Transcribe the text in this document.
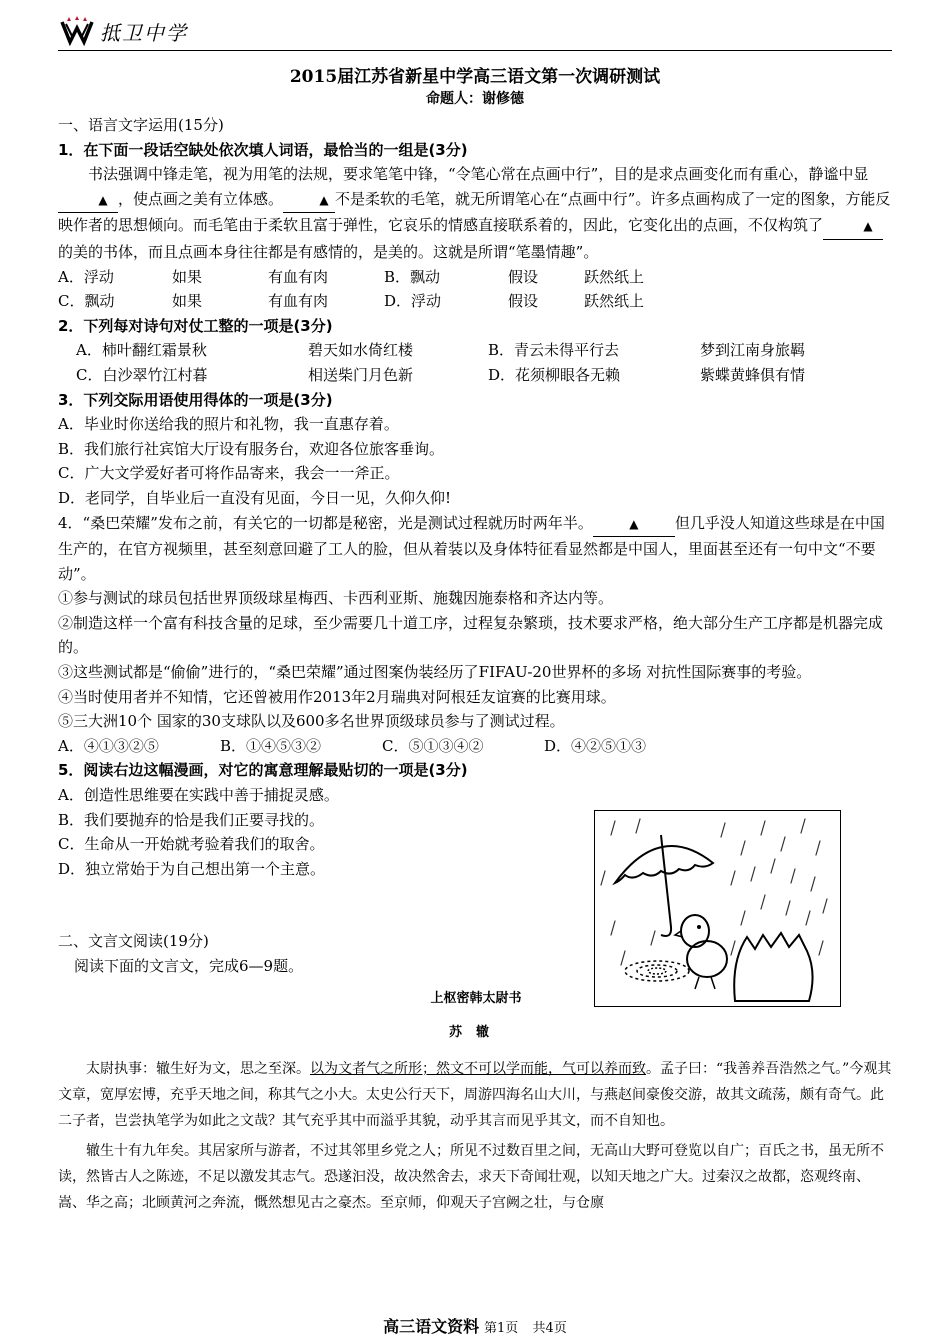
抵卫中学
2015届江苏省新星中学高三语文第一次调研测试
命题人：谢修德

一、语言文字运用(15分)

1．在下面一段话空缺处依次填人词语，最恰当的一组是(3分)

书法强调中锋走笔，视为用笔的法规，要求笔笔中锋，“令笔心常在点画中行”，目的是求点画变化而有重心，静谧中显▲ ，使点画之美有立体感。	▲ 不是柔软的毛笔，就无所谓笔心在“点画中行”。许多点画构成了一定的图象，方能反映作者的思想倾向。而毛笔由于柔软且富于弹性，它哀乐的情感直接联系着的，因此，它变化出的点画，不仅构筑了	▲的美的书体，而且点画本身往往都是有感情的，是美的。这就是所谓“笔墨情趣”。

A．浮动	如果	有血有肉	B．飘动	假设	跃然纸上

C．飘动	如果	有血有肉	D．浮动	假设	跃然纸上

2．下列每对诗句对仗工整的一项是(3分)

A．柿叶翻红霜景秋	碧天如水倚红楼	B．青云未得平行去	梦到江南身旅羁

C．白沙翠竹江村暮	相送柴门月色新	D．花须柳眼各无赖	紫蝶黄蜂俱有情

3．下列交际用语使用得体的一项是(3分)

A．毕业时你送给我的照片和礼物，我一直惠存着。

B．我们旅行社宾馆大厅设有服务台，欢迎各位旅客垂询。

C．广大文学爱好者可将作品寄来，我会一一斧正。

D．老同学，自毕业后一直没有见面，今日一见，久仰久仰!

4．“桑巴荣耀”发布之前，有关它的一切都是秘密，光是测试过程就历时两年半。	▲ 但几乎没人知道这些球是在中国生产的，在官方视频里，甚至刻意回避了工人的脸，但从着装以及身体特征看显然都是中国人，里面甚至还有一句中文“不要动”。

①参与测试的球员包括世界顶级球星梅西、卡西利亚斯、施魏因施泰格和齐达内等。

②制造这样一个富有科技含量的足球，至少需要几十道工序，过程复杂繁琐，技术要求严格，绝大部分生产工序都是机器完成的。

③这些测试都是“偷偷”进行的，“桑巴荣耀”通过图案伪装经历了FIFAU-20世界杯的多场 对抗性国际赛事的考验。

④当时使用者并不知情，它还曾被用作2013年2月瑞典对阿根廷友谊赛的比赛用球。

⑤三大洲10个 国家的30支球队以及600多名世界顶级球员参与了测试过程。

A．④①③②⑤	B．①④⑤③②	C．⑤①③④②	D．④②⑤①③

5．阅读右边这幅漫画，对它的寓意理解最贴切的一项是(3分)

A．创造性思维要在实践中善于捕捉灵感。

B．我们要抛弃的恰是我们正要寻找的。

C．生命从一开始就考验着我们的取舍。

D．独立常始于为自己想出第一个主意。

二、文言文阅读(19分)

阅读下面的文言文，完成6—9题。

上枢密韩太尉书
苏辙

太尉执事：辙生好为文，思之至深。以为文者气之所形；然文不可以学而能，气可以养而致。孟子曰：“我善养吾浩然之气。”今观其文章，宽厚宏博，充乎天地之间，称其气之小大。太史公行天下，周游四海名山大川，与燕赵间豪俊交游，故其文疏荡，颇有奇气。此二子者，岂尝执笔学为如此之文哉？其气充乎其中而溢乎其貌，动乎其言而见乎其文，而不自知也。

辙生十有九年矣。其居家所与游者，不过其邻里乡党之人；所见不过数百里之间，无高山大野可登览以自广；百氏之书，虽无所不读，然皆古人之陈迹，不足以激发其志气。恐遂汩没，故决然舍去，求天下奇闻壮观，以知天地之广大。过秦汉之故都，恣观终南、嵩、华之高；北顾黄河之奔流，慨然想见古之豪杰。至京师，仰观天子宫阙之壮，与仓廪

高三语文资料 第1页 共4页
